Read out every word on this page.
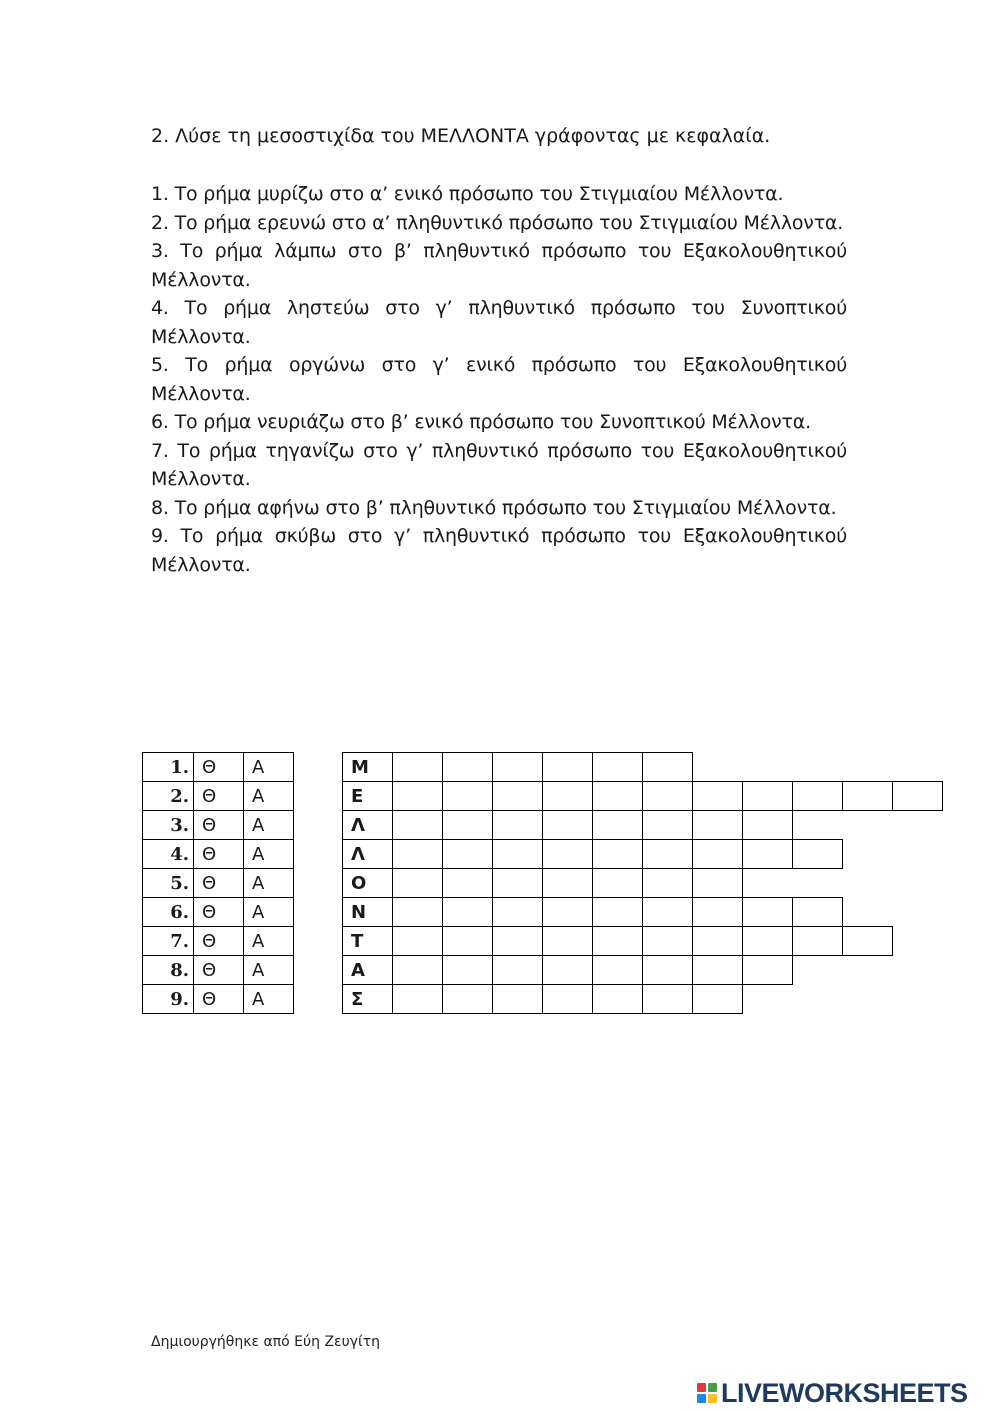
2. Λύσε τη μεσοστιχίδα του ΜΕΛΛΟΝΤΑ γράφοντας με κεφαλαία.
1. Το ρήμα μυρίζω στο α’ ενικό πρόσωπο του Στιγμιαίου Μέλλοντα.
2. Το ρήμα ερευνώ στο α’ πληθυντικό πρόσωπο του Στιγμιαίου Μέλλοντα.
3. Το ρήμα λάμπω στο β’ πληθυντικό πρόσωπο του Εξακολουθητικού Μέλλοντα.
4. Το ρήμα ληστεύω στο γ’ πληθυντικό πρόσωπο του Συνοπτικού Μέλλοντα.
5. Το ρήμα οργώνω στο γ’ ενικό πρόσωπο του Εξακολουθητικού Μέλλοντα.
6. Το ρήμα νευριάζω στο β’ ενικό πρόσωπο του Συνοπτικού Μέλλοντα.
7. Το ρήμα τηγανίζω στο γ’ πληθυντικό πρόσωπο του Εξακολουθητικού Μέλλοντα.
8. Το ρήμα αφήνω στο β’ πληθυντικό πρόσωπο του Στιγμιαίου Μέλλοντα.
9. Το ρήμα σκύβω στο γ’ πληθυντικό πρόσωπο του Εξακολουθητικού Μέλλοντα.
1.	Θ	Α
2.	Θ	Α
3.	Θ	Α
4.	Θ	Α
5.	Θ	Α
6.	Θ	Α
7.	Θ	Α
8.	Θ	Α
9.	Θ	Α
Μ
Ε
Λ
Λ
Ο
Ν
Τ
Α
Σ
Δημιουργήθηκε από Εύη Ζευγίτη
LIVEWORKSHEETS
